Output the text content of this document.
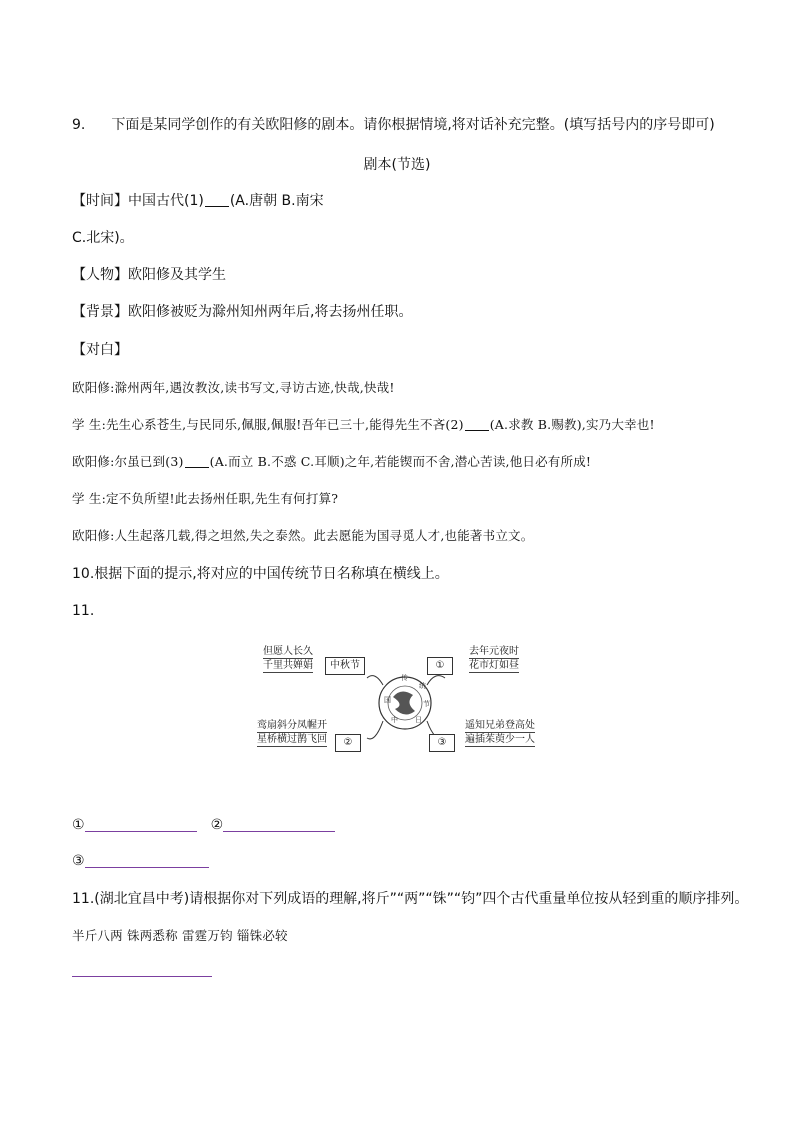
9. 下面是某同学创作的有关欧阳修的剧本。请你根据情境,将对话补充完整。(填写括号内的序号即可)
剧本(节选)
【时间】中国古代(1) (A.唐朝 B.南宋
C.北宋)。
【人物】欧阳修及其学生
【背景】欧阳修被贬为滁州知州两年后,将去扬州任职。
【对白】
欧阳修:滁州两年,遇汝教汝,读书写文,寻访古迹,快哉,快哉!
学 生:先生心系苍生,与民同乐,佩服,佩服!吾年已三十,能得先生不吝(2) (A.求教 B.赐教),实乃大幸也!
欧阳修:尔虽已到(3) (A.而立 B.不惑 C.耳顺)之年,若能锲而不舍,潜心苦读,他日必有所成!
学 生:定不负所望!此去扬州任职,先生有何打算?
欧阳修:人生起落几载,得之坦然,失之泰然。此去愿能为国寻觅人才,也能著书立文。
10.根据下面的提示,将对应的中国传统节日名称填在横线上。
11.
传
统
节
日
中
国
但愿人长久
千里共婵娟	中秋节	①
去年元夜时
花市灯如昼
鸾扇斜分凤幄开
星桥横过鹊飞回	②	③
遥知兄弟登高处
遍插茱萸少一人
①	②
③
11.(湖北宜昌中考)请根据你对下列成语的理解,将斤”“两”“铢”“钧”四个古代重量单位按从轻到重的顺序排列。
半斤八两 铢两悉称 雷霆万钧 锱铢必较
